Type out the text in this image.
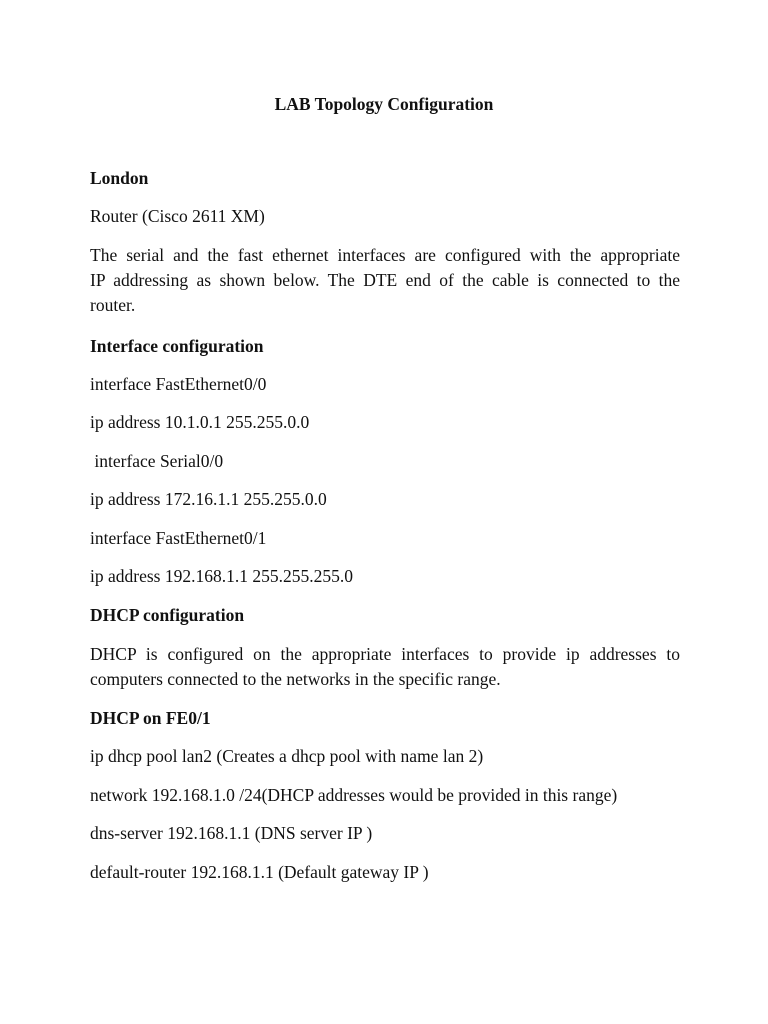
LAB Topology Configuration
London
Router (Cisco 2611 XM)
The serial and the fast ethernet interfaces are configured with the appropriate
IP addressing as shown below. The DTE end of the cable is connected to the
router.
Interface configuration
interface FastEthernet0/0
ip address 10.1.0.1 255.255.0.0
interface Serial0/0
ip address 172.16.1.1 255.255.0.0
interface FastEthernet0/1
ip address 192.168.1.1 255.255.255.0
DHCP configuration
DHCP is configured on the appropriate interfaces to provide ip addresses to
computers connected to the networks in the specific range.
DHCP on FE0/1
ip dhcp pool lan2 (Creates a dhcp pool with name lan 2)
network 192.168.1.0 /24(DHCP addresses would be provided in this range)
dns-server 192.168.1.1 (DNS server IP )
default-router 192.168.1.1 (Default gateway IP )
